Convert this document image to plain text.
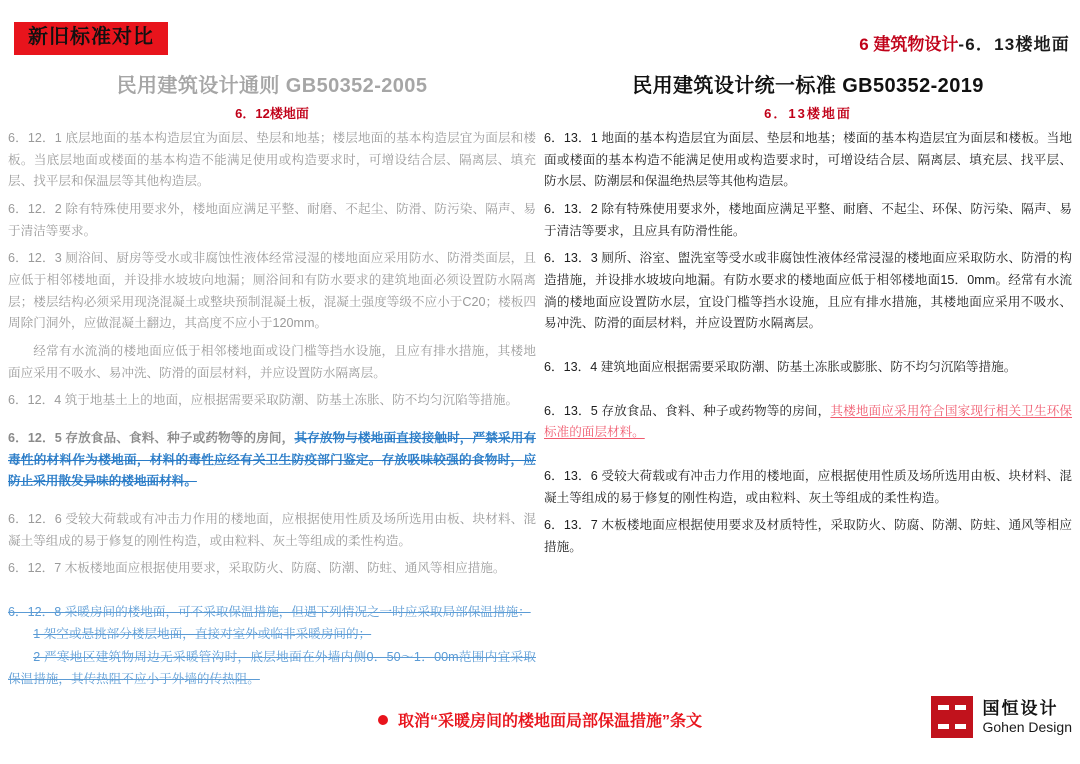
新旧标准对比	6 建筑物设计-6．13楼地面
民用建筑设计通则 GB50352-2005
6．12楼地面

6．12．1 底层地面的基本构造层宜为面层、垫层和地基；楼层地面的基本构造层宜为面层和楼板。当底层地面或楼面的基本构造不能满足使用或构造要求时，可增设结合层、隔离层、填充层、找平层和保温层等其他构造层。

6．12．2 除有特殊使用要求外，楼地面应满足平整、耐磨、不起尘、防滑、防污染、隔声、易于清洁等要求。

6．12．3 厕浴间、厨房等受水或非腐蚀性液体经常浸湿的楼地面应采用防水、防滑类面层，且应低于相邻楼地面，并设排水坡坡向地漏；厕浴间和有防水要求的建筑地面必须设置防水隔离层；楼层结构必须采用现浇混凝土或整块预制混凝土板，混凝土强度等级不应小于C20；楼板四周除门洞外，应做混凝土翻边，其高度不应小于120mm。

经常有水流淌的楼地面应低于相邻楼地面或设门槛等挡水设施，且应有排水措施，其楼地面应采用不吸水、易冲洗、防滑的面层材料，并应设置防水隔离层。

6．12．4 筑于地基土上的地面，应根据需要采取防潮、防基土冻胀、防不均匀沉陷等措施。

6．12．5 存放食品、食料、种子或药物等的房间，其存放物与楼地面直接接触时，严禁采用有毒性的材料作为楼地面，材料的毒性应经有关卫生防疫部门鉴定。存放吸味较强的食物时，应防止采用散发异味的楼地面材料。

6．12．6 受较大荷载或有冲击力作用的楼地面，应根据使用性质及场所选用由板、块材料、混凝土等组成的易于修复的刚性构造，或由粒料、灰土等组成的柔性构造。

6．12．7 木板楼地面应根据使用要求，采取防火、防腐、防潮、防蛀、通风等相应措施。

6．12．8 采暖房间的楼地面，可不采取保温措施，但遇下列情况之一时应采取局部保温措施：

1 架空或悬挑部分楼层地面，直接对室外或临非采暖房间的；

2 严寒地区建筑物周边无采暖管沟时，底层地面在外墙内侧0．50～1．00m范围内宜采取保温措施，其传热阻不应小于外墙的传热阻。

民用建筑设计统一标准 GB50352-2019
6．13楼地面

6．13．1 地面的基本构造层宜为面层、垫层和地基；楼面的基本构造层宜为面层和楼板。当地面或楼面的基本构造不能满足使用或构造要求时，可增设结合层、隔离层、填充层、找平层、防水层、防潮层和保温绝热层等其他构造层。

6．13．2 除有特殊使用要求外，楼地面应满足平整、耐磨、不起尘、环保、防污染、隔声、易于清洁等要求，且应具有防滑性能。

6．13．3 厕所、浴室、盥洗室等受水或非腐蚀性液体经常浸湿的楼地面应采取防水、防滑的构造措施，并设排水坡坡向地漏。有防水要求的楼地面应低于相邻楼地面15．0mm。经常有水流淌的楼地面应设置防水层，宜设门槛等挡水设施，且应有排水措施，其楼地面应采用不吸水、易冲洗、防滑的面层材料，并应设置防水隔离层。

6．13．4 建筑地面应根据需要采取防潮、防基土冻胀或膨胀、防不均匀沉陷等措施。

6．13．5 存放食品、食料、种子或药物等的房间，其楼地面应采用符合国家现行相关卫生环保标准的面层材料。

6．13．6 受较大荷载或有冲击力作用的楼地面，应根据使用性质及场所选用由板、块材料、混凝土等组成的易于修复的刚性构造，或由粒料、灰土等组成的柔性构造。

6．13．7 木板楼地面应根据使用要求及材质特性，采取防火、防腐、防潮、防蛀、通风等相应措施。

取消“采暖房间的楼地面局部保温措施”条文
国恒设计
Gohen Design
